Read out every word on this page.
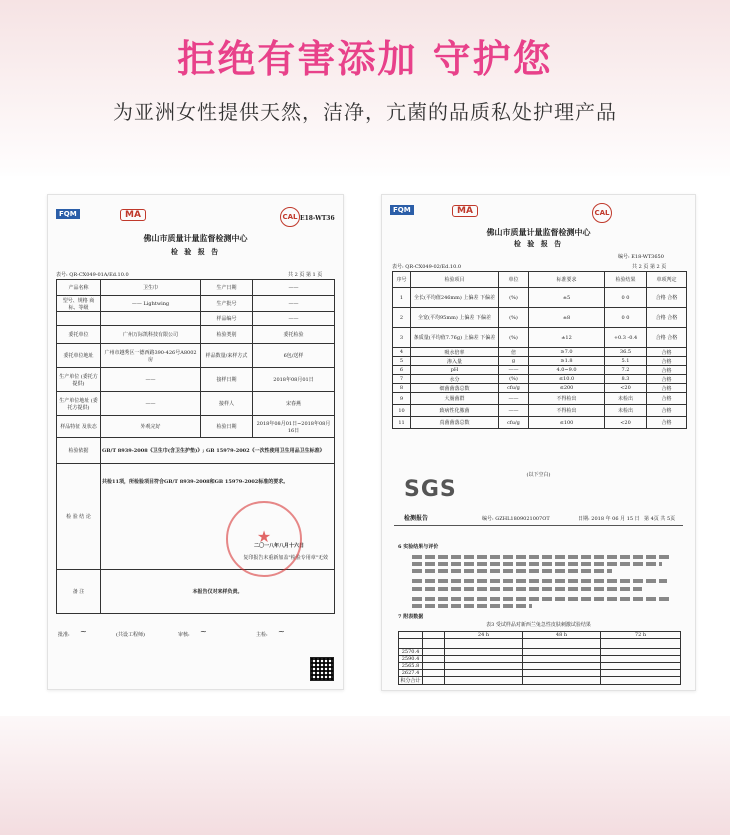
拒绝有害添加 守护您
为亚洲女性提供天然，洁净，亢菌的品质私处护理产品
FQM	MA	CAL E18-WT36
佛山市质量计量监督检测中心
检 验 报 告
表号: QR-CX049-01A/Ed.10.0	共 2 页 第 1 页
产品名称	卫生巾	生产日期	——
型号、规格 商标、等级	—— Lightwing	生产批号	——
		样品编号	——
委托单位	广州万际凯科技有限公司	检验类别	委托检验
委托单位地址	广州市越秀区一德西路390-426号A8002房	样品数量/来样方式	6包/送样
生产单位 (委托方提供)	——	接样日期	2018年08月01日
生产单位地址 (委托方提供)	——	接样人	宋春燕
样品特征 及状态	外观完好	检验日期	2018年08月01日~2018年08月16日
检验依据	GB/T 8939-2008《卫生巾(含卫生护垫)》; GB 15979-2002《一次性使用卫生用品卫生标准》		
检 验 结 论	共检11项，所检验项目符合GB/T 8939-2008和GB 15979-2002标准的要求。
二〇一八年八月十六日
复印报告未重新加盖"检验专用章"无效		

备 注	本报告仅对来样负责。		
★
批准: ~	(共设工程师)	审核: ~	主检: ~
FQM	MA	CAL
佛山市质量计量监督检测中心
检 验 报 告
编号: E18-WT3650
表号: QR-CX049-02/Ed.10.0	共 2 页 第 2 页
序号	检验项目	单位	标准要求	检验结果	单项判定
1	全长(平均值246mm) 上偏差 下偏差	(%)	±5	0 0	合格 合格
2	全宽(平均95mm) 上偏差 下偏差	(%)	±8	0 0	合格 合格
3	条质量(平均值7.76g) 上偏差 下偏差	(%)	±12	+0.3 -0.4	合格 合格
4	吸水倍率	倍	≥7.0	36.5	合格
5	渗入量	g	≥1.8	5.1	合格
6	pH	——	4.0~9.0	7.2	合格
7	水分	(%)	≤10.0	8.3	合格
8	细菌菌落总数	cfu/g	≤200	<20	合格
9	大肠菌群	——	不得检出	未检出	合格
10	致病性化脓菌	——	不得检出	未检出	合格
11	真菌菌落总数	cfu/g	≤100	<20	合格
(以下空白)
SGS
检测报告	编号: GZHL1809021007OT	日期: 2018 年 06 月 15 日 第 4页 共 5页
6 实验结果与评价
7 附表数据
表3 受试样品对新西兰兔急性皮肤刺激试验结果
		24 h	48 h	72 h

2570.4				
2590.4				
2565.8				
2627.4				
积分合计				
